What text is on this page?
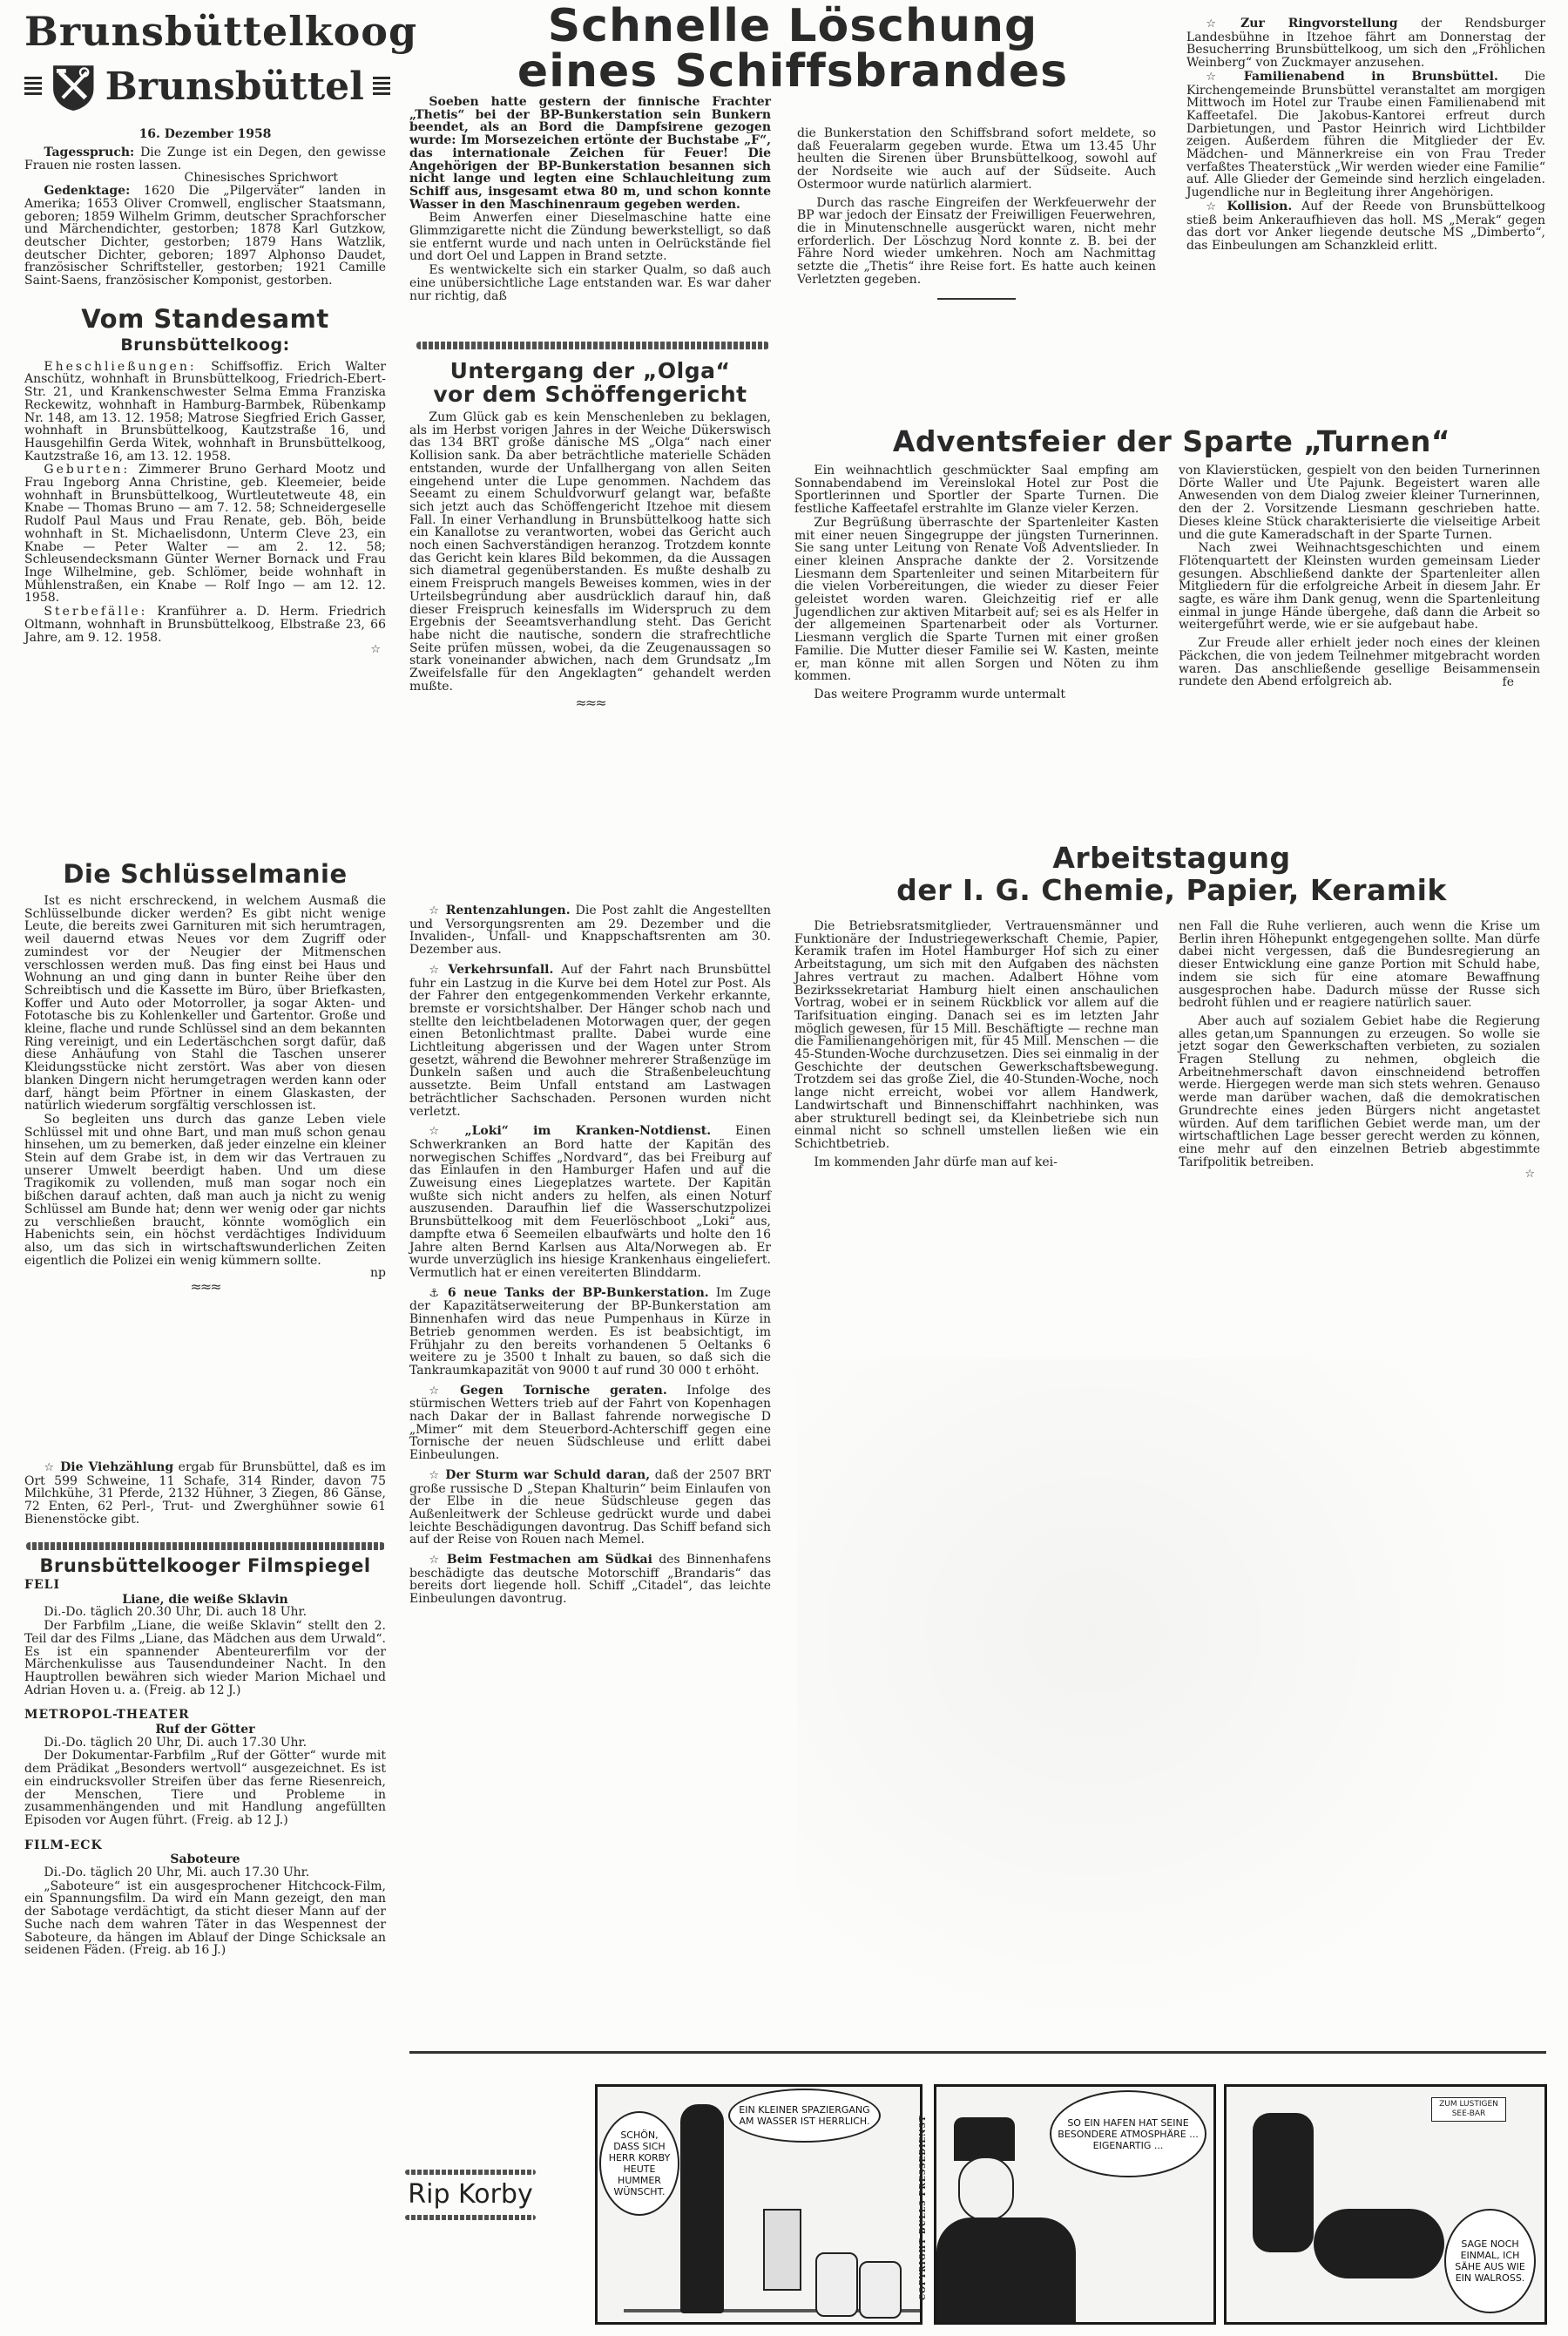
Brunsbüttelkoog
Brunsbüttel
16. Dezember 1958

Tagesspruch: Die Zunge ist ein Degen, den gewisse Frauen nie rosten lassen.

Chinesisches Sprichwort

Gedenktage: 1620 Die „Pilgerväter“ landen in Amerika; 1653 Oliver Cromwell, englischer Staatsmann, geboren; 1859 Wilhelm Grimm, deutscher Sprachforscher und Märchendichter, gestorben; 1878 Karl Gutzkow, deutscher Dichter, gestorben; 1879 Hans Watzlik, deutscher Dichter, geboren; 1897 Alphonso Daudet, französischer Schriftsteller, gestorben; 1921 Camille Saint-Saens, französischer Komponist, gestorben.

Vom Standesamt
Brunsbüttelkoog:

Eheschließungen: Schiffsoffiz. Erich Walter Anschütz, wohnhaft in Brunsbüttelkoog, Friedrich-Ebert-Str. 21, und Krankenschwester Selma Emma Franziska Reckewitz, wohnhaft in Hamburg-Barmbek, Rübenkamp Nr. 148, am 13. 12. 1958; Matrose Siegfried Erich Gasser, wohnhaft in Brunsbüttelkoog, Kautzstraße 16, und Hausgehilfin Gerda Witek, wohnhaft in Brunsbüttelkoog, Kautzstraße 16, am 13. 12. 1958.

Geburten: Zimmerer Bruno Gerhard Mootz und Frau Ingeborg Anna Christine, geb. Kleemeier, beide wohnhaft in Brunsbüttelkoog, Wurtleutetweute 48, ein Knabe — Thomas Bruno — am 7. 12. 58; Schneidergeselle Rudolf Paul Maus und Frau Renate, geb. Böh, beide wohnhaft in St. Michaelisdonn, Unterm Cleve 23, ein Knabe — Peter Walter — am 2. 12. 58; Schleusendecksmann Günter Werner Bornack und Frau Inge Wilhelmine, geb. Schlömer, beide wohnhaft in Mühlenstraßen, ein Knabe — Rolf Ingo — am 12. 12. 1958.

Sterbefälle: Kranführer a. D. Herm. Friedrich Oltmann, wohnhaft in Brunsbüttelkoog, Elbstraße 23, 66 Jahre, am 9. 12. 1958.

☆
Die Schlüsselmanie

Ist es nicht erschreckend, in welchem Ausmaß die Schlüsselbunde dicker werden? Es gibt nicht wenige Leute, die bereits zwei Garnituren mit sich herumtragen, weil dauernd etwas Neues vor dem Zugriff oder zumindest vor der Neugier der Mitmenschen verschlossen werden muß. Das fing einst bei Haus und Wohnung an und ging dann in bunter Reihe über den Schreibtisch und die Kassette im Büro, über Briefkasten, Koffer und Auto oder Motorroller, ja sogar Akten- und Fototasche bis zu Kohlenkeller und Gartentor. Große und kleine, flache und runde Schlüssel sind an dem bekannten Ring vereinigt, und ein Ledertäschchen sorgt dafür, daß diese Anhäufung von Stahl die Taschen unserer Kleidungsstücke nicht zerstört. Was aber von diesen blanken Dingern nicht herumgetragen werden kann oder darf, hängt beim Pförtner in einem Glaskasten, der natürlich wiederum sorgfältig verschlossen ist.

So begleiten uns durch das ganze Leben viele Schlüssel mit und ohne Bart, und man muß schon genau hinsehen, um zu bemerken, daß jeder einzelne ein kleiner Stein auf dem Grabe ist, in dem wir das Vertrauen zu unserer Umwelt beerdigt haben. Und um diese Tragikomik zu vollenden, muß man sogar noch ein bißchen darauf achten, daß man auch ja nicht zu wenig Schlüssel am Bunde hat; denn wer wenig oder gar nichts zu verschließen braucht, könnte womöglich ein Habenichts sein, ein höchst verdächtiges Individuum also, um das sich in wirtschaftswunderlichen Zeiten eigentlich die Polizei ein wenig kümmern sollte.

np
≈≈≈

☆ Die Viehzählung ergab für Brunsbüttel, daß es im Ort 599 Schweine, 11 Schafe, 314 Rinder, davon 75 Milchkühe, 31 Pferde, 2132 Hühner, 3 Ziegen, 86 Gänse, 72 Enten, 62 Perl-, Trut- und Zwerghühner sowie 61 Bienenstöcke gibt.

Brunsbüttelkooger Filmspiegel
FELI
Liane, die weiße Sklavin

Di.-Do. täglich 20.30 Uhr, Di. auch 18 Uhr.

Der Farbfilm „Liane, die weiße Sklavin“ stellt den 2. Teil dar des Films „Liane, das Mädchen aus dem Urwald“. Es ist ein spannender Abenteurerfilm vor der Märchenkulisse aus Tausendundeiner Nacht. In den Hauptrollen bewähren sich wieder Marion Michael und Adrian Hoven u. a. (Freig. ab 12 J.)

METROPOL-THEATER
Ruf der Götter

Di.-Do. täglich 20 Uhr, Di. auch 17.30 Uhr.

Der Dokumentar-Farbfilm „Ruf der Götter“ wurde mit dem Prädikat „Besonders wertvoll“ ausgezeichnet. Es ist ein eindrucksvoller Streifen über das ferne Riesenreich, der Menschen, Tiere und Probleme in zusammenhängenden und mit Handlung angefüllten Episoden vor Augen führt. (Freig. ab 12 J.)

FILM-ECK
Saboteure

Di.-Do. täglich 20 Uhr, Mi. auch 17.30 Uhr.

„Saboteure“ ist ein ausgesprochener Hitchcock-Film, ein Spannungsfilm. Da wird ein Mann gezeigt, den man der Sabotage verdächtigt, da sticht dieser Mann auf der Suche nach dem wahren Täter in das Wespennest der Saboteure, da hängen im Ablauf der Dinge Schicksale an seidenen Fäden. (Freig. ab 16 J.)

Schnelle Löschung
eines Schiffsbrandes

Soeben hatte gestern der finnische Frachter „Thetis“ bei der BP-Bunkerstation sein Bunkern beendet, als an Bord die Dampfsirene gezogen wurde: Im Morsezeichen ertönte der Buchstabe „F“, das internationale Zeichen für Feuer! Die Angehörigen der BP-Bunkerstation besannen sich nicht lange und legten eine Schlauchleitung zum Schiff aus, insgesamt etwa 80 m, und schon konnte Wasser in den Maschinenraum gegeben werden.

Beim Anwerfen einer Dieselmaschine hatte eine Glimmzigarette nicht die Zündung bewerkstelligt, so daß sie entfernt wurde und nach unten in Oelrückstände fiel und dort Oel und Lappen in Brand setzte.

Es wentwickelte sich ein starker Qualm, so daß auch eine unübersichtliche Lage entstanden war. Es war daher nur richtig, daß

die Bunkerstation den Schiffsbrand sofort meldete, so daß Feueralarm gegeben wurde. Etwa um 13.45 Uhr heulten die Sirenen über Brunsbüttelkoog, sowohl auf der Nordseite wie auch auf der Südseite. Auch Ostermoor wurde natürlich alarmiert.

Durch das rasche Eingreifen der Werkfeuerwehr der BP war jedoch der Einsatz der Freiwilligen Feuerwehren, die in Minutenschnelle ausgerückt waren, nicht mehr erforderlich. Der Löschzug Nord konnte z. B. bei der Fähre Nord wieder umkehren. Noch am Nachmittag setzte die „Thetis“ ihre Reise fort. Es hatte auch keinen Verletzten gegeben.

Untergang der „Olga“
vor dem Schöffengericht

Zum Glück gab es kein Menschenleben zu beklagen, als im Herbst vorigen Jahres in der Weiche Dükerswisch das 134 BRT große dänische MS „Olga“ nach einer Kollision sank. Da aber beträchtliche materielle Schäden entstanden, wurde der Unfallhergang von allen Seiten eingehend unter die Lupe genommen. Nachdem das Seeamt zu einem Schuldvorwurf gelangt war, befaßte sich jetzt auch das Schöffengericht Itzehoe mit diesem Fall. In einer Verhandlung in Brunsbüttelkoog hatte sich ein Kanallotse zu verantworten, wobei das Gericht auch noch einen Sachverständigen heranzog. Trotzdem konnte das Gericht kein klares Bild bekommen, da die Aussagen sich diametral gegenüberstanden. Es mußte deshalb zu einem Freispruch mangels Beweises kommen, wies in der Urteilsbegründung aber ausdrücklich darauf hin, daß dieser Freispruch keinesfalls im Widerspruch zu dem Ergebnis der Seeamtsverhandlung steht. Das Gericht habe nicht die nautische, sondern die strafrechtliche Seite prüfen müssen, wobei, da die Zeugenaussagen so stark voneinander abwichen, nach dem Grundsatz „Im Zweifelsfalle für den Angeklagten“ gehandelt werden mußte.

≈≈≈

☆ Rentenzahlungen. Die Post zahlt die Angestellten und Versorgungsrenten am 29. Dezember und die Invaliden-, Unfall- und Knappschaftsrenten am 30. Dezember aus.

☆ Verkehrsunfall. Auf der Fahrt nach Brunsbüttel fuhr ein Lastzug in die Kurve bei dem Hotel zur Post. Als der Fahrer den entgegenkommenden Verkehr erkannte, bremste er vorsichtshalber. Der Hänger schob nach und stellte den leichtbeladenen Motorwagen quer, der gegen einen Betonlichtmast prallte. Dabei wurde eine Lichtleitung abgerissen und der Wagen unter Strom gesetzt, während die Bewohner mehrerer Straßenzüge im Dunkeln saßen und auch die Straßenbeleuchtung aussetzte. Beim Unfall entstand am Lastwagen beträchtlicher Sachschaden. Personen wurden nicht verletzt.

☆ „Loki“ im Kranken-Notdienst. Einen Schwerkranken an Bord hatte der Kapitän des norwegischen Schiffes „Nordvard“, das bei Freiburg auf das Einlaufen in den Hamburger Hafen und auf die Zuweisung eines Liegeplatzes wartete. Der Kapitän wußte sich nicht anders zu helfen, als einen Noturf auszusenden. Daraufhin lief die Wasserschutzpolizei Brunsbüttelkoog mit dem Feuerlöschboot „Loki“ aus, dampfte etwa 6 Seemeilen elbaufwärts und holte den 16 Jahre alten Bernd Karlsen aus Alta/Norwegen ab. Er wurde unverzüglich ins hiesige Krankenhaus eingeliefert. Vermutlich hat er einen vereiterten Blinddarm.

⚓ 6 neue Tanks der BP-Bunkerstation. Im Zuge der Kapazitätserweiterung der BP-Bunkerstation am Binnenhafen wird das neue Pumpenhaus in Kürze in Betrieb genommen werden. Es ist beabsichtigt, im Frühjahr zu den bereits vorhandenen 5 Oeltanks 6 weitere zu je 3500 t Inhalt zu bauen, so daß sich die Tankraumkapazität von 9000 t auf rund 30 000 t erhöht.

☆ Gegen Tornische geraten. Infolge des stürmischen Wetters trieb auf der Fahrt von Kopenhagen nach Dakar der in Ballast fahrende norwegische D „Mimer“ mit dem Steuerbord-Achterschiff gegen eine Tornische der neuen Südschleuse und erlitt dabei Einbeulungen.

☆ Der Sturm war Schuld daran, daß der 2507 BRT große russische D „Stepan Khalturin“ beim Einlaufen von der Elbe in die neue Südschleuse gegen das Außenleitwerk der Schleuse gedrückt wurde und dabei leichte Beschädigungen davontrug. Das Schiff befand sich auf der Reise von Rouen nach Memel.

☆ Beim Festmachen am Südkai des Binnenhafens beschädigte das deutsche Motorschiff „Brandaris“ das bereits dort liegende holl. Schiff „Citadel“, das leichte Einbeulungen davontrug.

☆ Zur Ringvorstellung der Rendsburger Landesbühne in Itzehoe fährt am Donnerstag der Besucherring Brunsbüttelkoog, um sich den „Fröhlichen Weinberg“ von Zuckmayer anzusehen.

☆ Familienabend in Brunsbüttel. Die Kirchengemeinde Brunsbüttel veranstaltet am morgigen Mittwoch im Hotel zur Traube einen Familienabend mit Kaffeetafel. Die Jakobus-Kantorei erfreut durch Darbietungen, und Pastor Heinrich wird Lichtbilder zeigen. Außerdem führen die Mitglieder der Ev. Mädchen- und Männerkreise ein von Frau Treder verfaßtes Theaterstück „Wir werden wieder eine Familie“ auf. Alle Glieder der Gemeinde sind herzlich eingeladen. Jugendliche nur in Begleitung ihrer Angehörigen.

☆ Kollision. Auf der Reede von Brunsbüttelkoog stieß beim Ankeraufhieven das holl. MS „Merak“ gegen das dort vor Anker liegende deutsche MS „Dimberto“, das Einbeulungen am Schanzkleid erlitt.

Adventsfeier der Sparte „Turnen“

Ein weihnachtlich geschmückter Saal empfing am Sonnabendabend im Vereinslokal Hotel zur Post die Sportlerinnen und Sportler der Sparte Turnen. Die festliche Kaffeetafel erstrahlte im Glanze vieler Kerzen.

Zur Begrüßung überraschte der Spartenleiter Kasten mit einer neuen Singegruppe der jüngsten Turnerinnen. Sie sang unter Leitung von Renate Voß Adventslieder. In einer kleinen Ansprache dankte der 2. Vorsitzende Liesmann dem Spartenleiter und seinen Mitarbeitern für die vielen Vorbereitungen, die wieder zu dieser Feier geleistet worden waren. Gleichzeitig rief er alle Jugendlichen zur aktiven Mitarbeit auf; sei es als Helfer in der allgemeinen Spartenarbeit oder als Vorturner. Liesmann verglich die Sparte Turnen mit einer großen Familie. Die Mutter dieser Familie sei W. Kasten, meinte er, man könne mit allen Sorgen und Nöten zu ihm kommen.

Das weitere Programm wurde untermalt

von Klavierstücken, gespielt von den beiden Turnerinnen Dörte Waller und Ute Pajunk. Begeistert waren alle Anwesenden von dem Dialog zweier kleiner Turnerinnen, den der 2. Vorsitzende Liesmann geschrieben hatte. Dieses kleine Stück charakterisierte die vielseitige Arbeit und die gute Kameradschaft in der Sparte Turnen.

Nach zwei Weihnachtsgeschichten und einem Flötenquartett der Kleinsten wurden gemeinsam Lieder gesungen. Abschließend dankte der Spartenleiter allen Mitgliedern für die erfolgreiche Arbeit in diesem Jahr. Er sagte, es wäre ihm Dank genug, wenn die Spartenleitung einmal in junge Hände übergehe, daß dann die Arbeit so weitergeführt werde, wie er sie aufgebaut habe.

Zur Freude aller erhielt jeder noch eines der kleinen Päckchen, die von jedem Teilnehmer mitgebracht worden waren. Das anschließende gesellige Beisammensein rundete den Abend erfolgreich ab.	fe
Arbeitstagung
der I. G. Chemie, Papier, Keramik

Die Betriebsratsmitglieder, Vertrauensmänner und Funktionäre der Industriegewerkschaft Chemie, Papier, Keramik trafen im Hotel Hamburger Hof sich zu einer Arbeitstagung, um sich mit den Aufgaben des nächsten Jahres vertraut zu machen. Adalbert Höhne vom Bezirkssekretariat Hamburg hielt einen anschaulichen Vortrag, wobei er in seinem Rückblick vor allem auf die Tarifsituation einging. Danach sei es im letzten Jahr möglich gewesen, für 15 Mill. Beschäftigte — rechne man die Familienangehörigen mit, für 45 Mill. Menschen — die 45-Stunden-Woche durchzusetzen. Dies sei einmalig in der Geschichte der deutschen Gewerkschaftsbewegung. Trotzdem sei das große Ziel, die 40-Stunden-Woche, noch lange nicht erreicht, wobei vor allem Handwerk, Landwirtschaft und Binnenschiffahrt nachhinken, was aber strukturell bedingt sei, da Kleinbetriebe sich nun einmal nicht so schnell umstellen ließen wie ein Schichtbetrieb.

Im kommenden Jahr dürfe man auf kei-

nen Fall die Ruhe verlieren, auch wenn die Krise um Berlin ihren Höhepunkt entgegengehen sollte. Man dürfe dabei nicht vergessen, daß die Bundesregierung an dieser Entwicklung eine ganze Portion mit Schuld habe, indem sie sich für eine atomare Bewaffnung ausgesprochen habe. Dadurch müsse der Russe sich bedroht fühlen und er reagiere natürlich sauer.

Aber auch auf sozialem Gebiet habe die Regierung alles getan,um Spannungen zu erzeugen. So wolle sie jetzt sogar den Gewerkschaften verbieten, zu sozialen Fragen Stellung zu nehmen, obgleich die Arbeitnehmerschaft davon einschneidend betroffen werde. Hiergegen werde man sich stets wehren. Genauso werde man darüber wachen, daß die demokratischen Grundrechte eines jeden Bürgers nicht angetastet würden. Auf dem tariflichen Gebiet werde man, um der wirtschaftlichen Lage besser gerecht werden zu können, eine mehr auf den einzelnen Betrieb abgestimmte Tarifpolitik betreiben.

☆
Rip Korby
SCHÖN, DASS SICH HERR KORBY HEUTE HUMMER WÜNSCHT.
EIN KLEINER SPAZIERGANG AM WASSER IST HERRLICH.	COPYRIGHT BULLS PRESSEDIENST	SO EIN HAFEN HAT SEINE BESONDERE ATMOSPHÄRE ... EIGENARTIG ...
ZUM LUSTIGEN SEE-BAR
SAGE NOCH EINMAL, ICH SÄHE AUS WIE EIN WALROSS.
